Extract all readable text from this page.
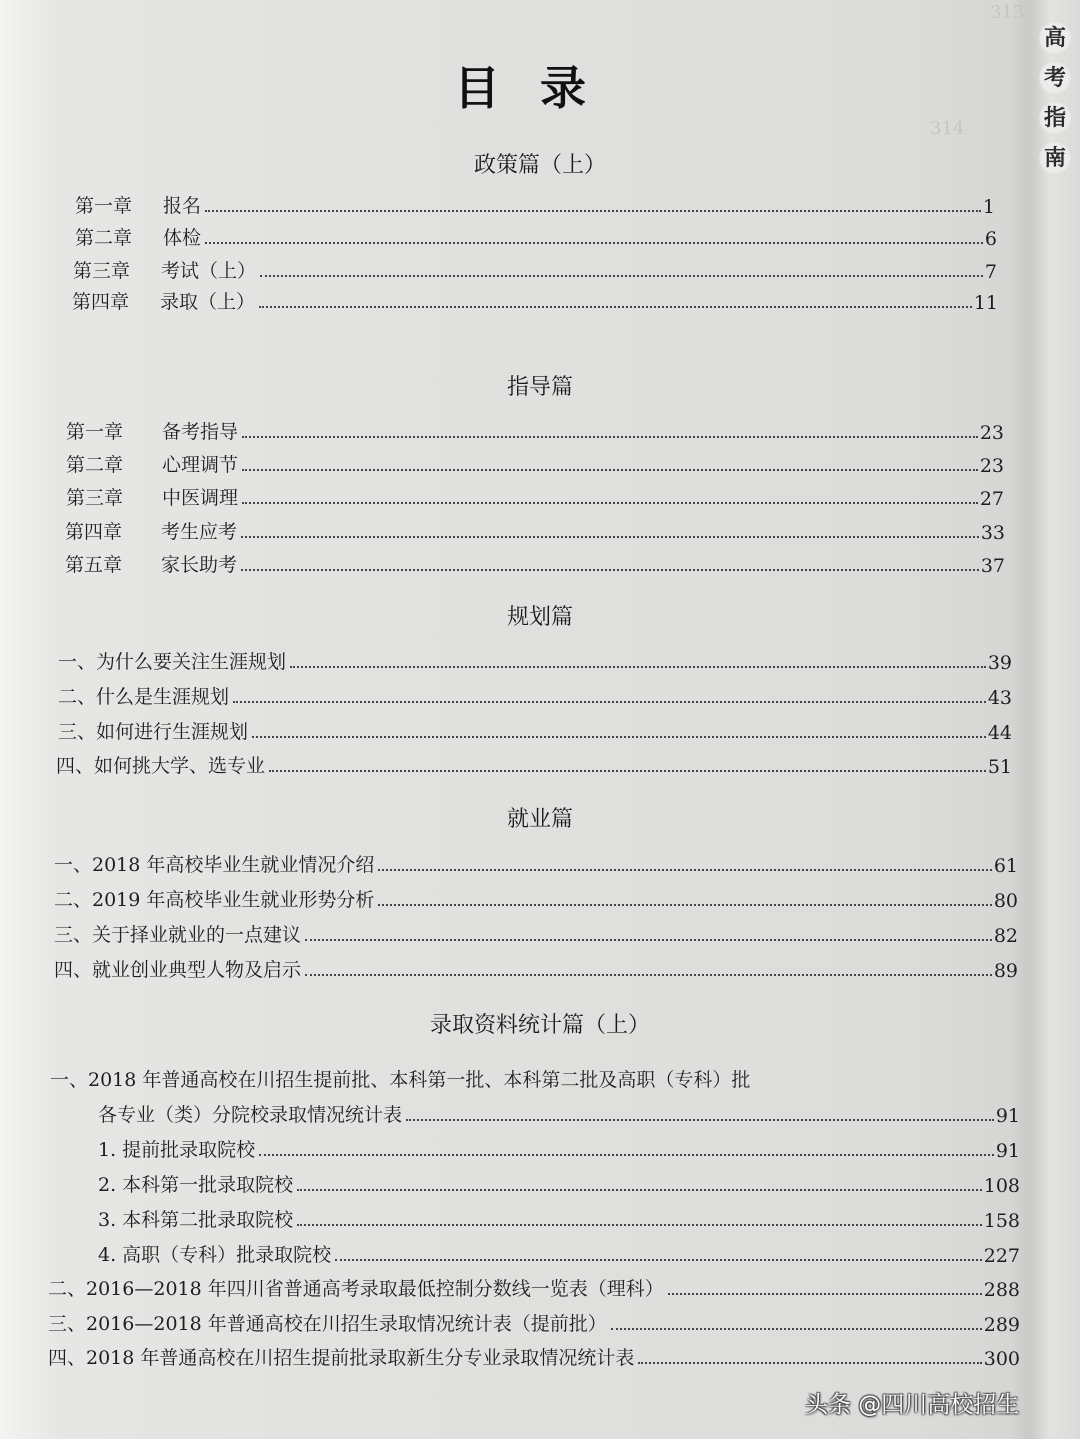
313
314
高
考
指
南
目录
政策篇（上）
第一章	报名	1
第二章	体检	6
第三章	考试（上）	7
第四章	录取（上）	11
指导篇
第一章	备考指导	23
第二章	心理调节	23
第三章	中医调理	27
第四章	考生应考	33
第五章	家长助考	37
规划篇
一、为什么要关注生涯规划	39
二、什么是生涯规划	43
三、如何进行生涯规划	44
四、如何挑大学、选专业	51
就业篇
一、2018 年高校毕业生就业情况介绍	61
二、2019 年高校毕业生就业形势分析	80
三、关于择业就业的一点建议	82
四、就业创业典型人物及启示	89
录取资料统计篇（上）
一、2018 年普通高校在川招生提前批、本科第一批、本科第二批及高职（专科）批
各专业（类）分院校录取情况统计表	91
1. 提前批录取院校	91
2. 本科第一批录取院校	108
3. 本科第二批录取院校	158
4. 高职（专科）批录取院校	227
二、2016—2018 年四川省普通高考录取最低控制分数线一览表（理科）	288
三、2016—2018 年普通高校在川招生录取情况统计表（提前批）	289
四、2018 年普通高校在川招生提前批录取新生分专业录取情况统计表	300
头条 @四川高校招生
